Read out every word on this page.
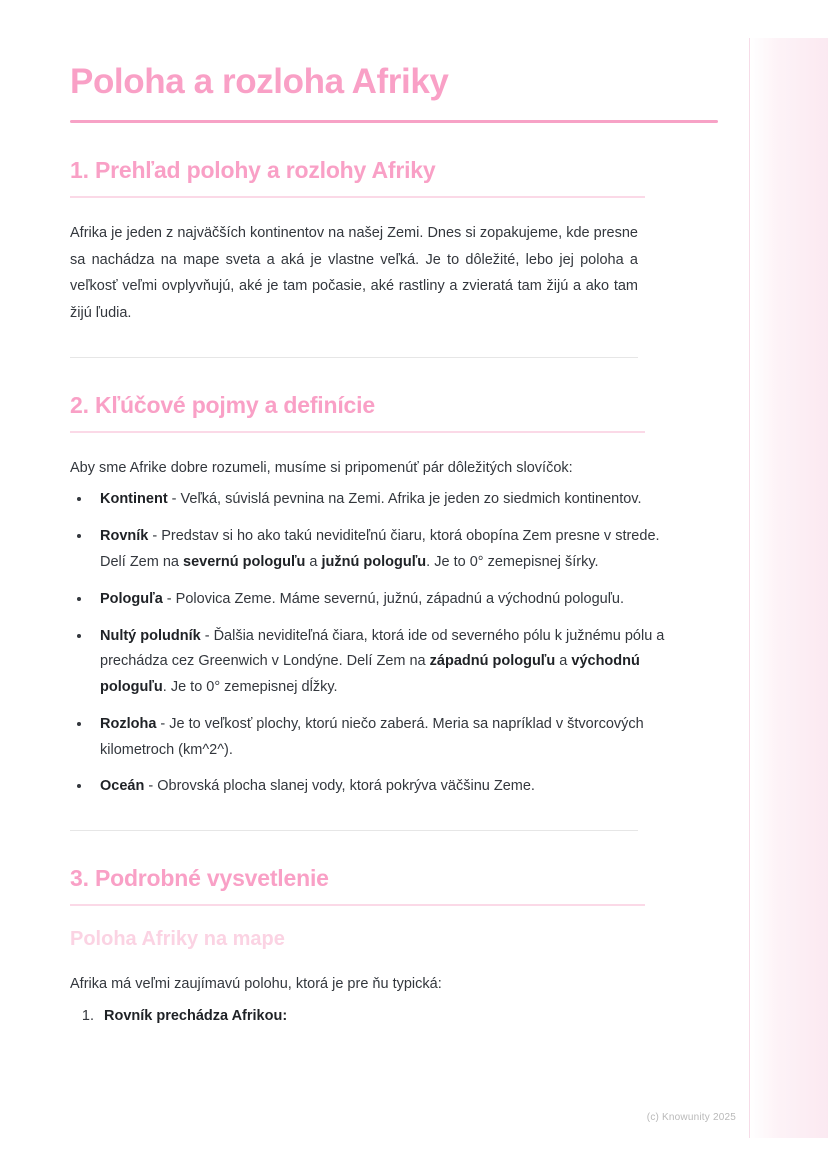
Poloha a rozloha Afriky
1. Prehľad polohy a rozlohy Afriky

Afrika je jeden z najväčších kontinentov na našej Zemi. Dnes si zopakujeme, kde presne sa nachádza na mape sveta a aká je vlastne veľká. Je to dôležité, lebo jej poloha a veľkosť veľmi ovplyvňujú, aké je tam počasie, aké rastliny a zvieratá tam žijú a ako tam žijú ľudia.

2. Kľúčové pojmy a definície

Aby sme Afrike dobre rozumeli, musíme si pripomenúť pár dôležitých slovíčok:

• Kontinent - Veľká, súvislá pevnina na Zemi. Afrika je jeden zo siedmich kontinentov.
• Rovník - Predstav si ho ako takú neviditeľnú čiaru, ktorá obopína Zem presne v strede. Delí Zem na severnú pologuľu a južnú pologuľu. Je to 0° zemepisnej šírky.
• Pologuľa - Polovica Zeme. Máme severnú, južnú, západnú a východnú pologuľu.
• Nultý poludník - Ďalšia neviditeľná čiara, ktorá ide od severného pólu k južnému pólu a prechádza cez Greenwich v Londýne. Delí Zem na západnú pologuľu a východnú pologuľu. Je to 0° zemepisnej dĺžky.
• Rozloha - Je to veľkosť plochy, ktorú niečo zaberá. Meria sa napríklad v štvorcových kilometroch (km^2^).
• Oceán - Obrovská plocha slanej vody, ktorá pokrýva väčšinu Zeme.
3. Podrobné vysvetlenie
Poloha Afriky na mape

Afrika má veľmi zaujímavú polohu, ktorá je pre ňu typická:

1. Rovník prechádza Afrikou:
(c) Knowunity 2025
